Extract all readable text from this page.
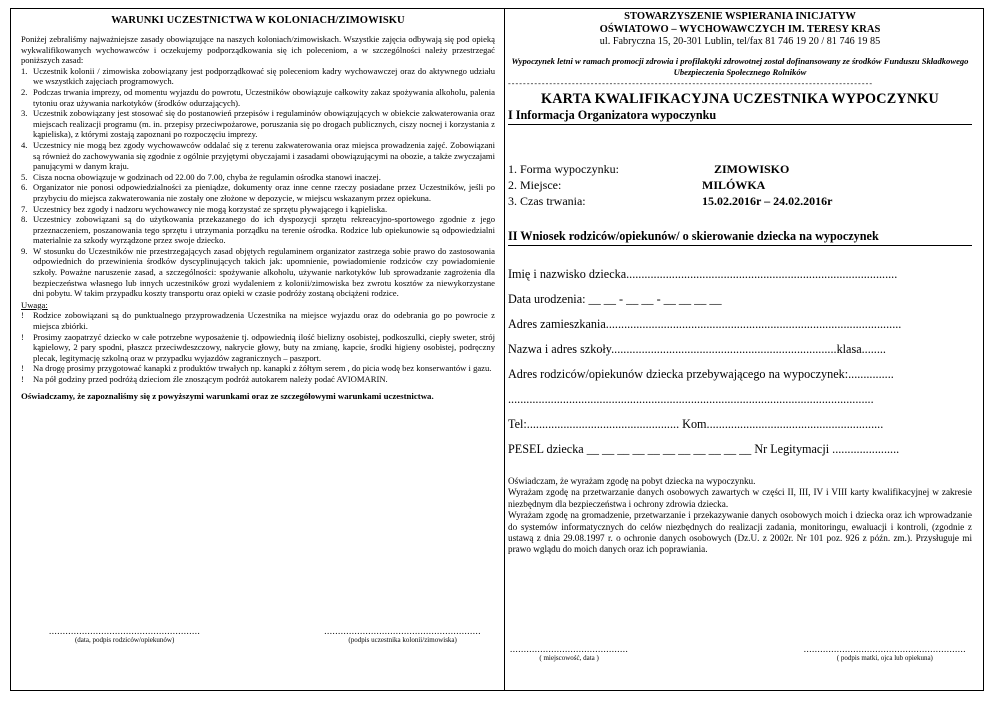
WARUNKI UCZESTNICTWA W KOLONIACH/ZIMOWISKU

Poniżej zebraliśmy najważniejsze zasady obowiązujące na naszych koloniach/zimowiskach. Wszystkie zajęcia odbywają się pod opieką wykwalifikowanych wychowawców i oczekujemy podporządkowania się ich poleceniom, a w szczególności należy przestrzegać poniższych zasad:

1. Uczestnik kolonii / zimowiska zobowiązany jest podporządkować się poleceniom kadry wychowawczej oraz do aktywnego udziału we wszystkich zajęciach programowych.
2. Podczas trwania imprezy, od momentu wyjazdu do powrotu, Uczestników obowiązuje całkowity zakaz spożywania alkoholu, palenia tytoniu oraz używania narkotyków (środków odurzających).
3. Uczestnik zobowiązany jest stosować się do postanowień przepisów i regulaminów obowiązujących w obiekcie zakwaterowania oraz miejscach realizacji programu (m. in. przepisy przeciwpożarowe, poruszania się po drogach publicznych, ciszy nocnej i korzystania z kąpieliska), z którymi zostają zapoznani po rozpoczęciu imprezy.
4. Uczestnicy nie mogą bez zgody wychowawców oddalać się z terenu zakwaterowania oraz miejsca prowadzenia zajęć. Zobowiązani są również do zachowywania się zgodnie z ogólnie przyjętymi obyczajami i zasadami obowiązującymi na obozie, a także zwyczajami panującymi w danym kraju.
5. Cisza nocna obowiązuje w godzinach od 22.00 do 7.00, chyba że regulamin ośrodka stanowi inaczej.
6. Organizator nie ponosi odpowiedzialności za pieniądze, dokumenty oraz inne cenne rzeczy posiadane przez Uczestników, jeśli po przybyciu do miejsca zakwaterowania nie zostały one złożone w depozycie, w miejscu wskazanym przez opiekuna.
7. Uczestnicy bez zgody i nadzoru wychowawcy nie mogą korzystać ze sprzętu pływającego i kąpieliska.
8. Uczestnicy zobowiązani są do użytkowania przekazanego do ich dyspozycji sprzętu rekreacyjno-sportowego zgodnie z jego przeznaczeniem, poszanowania tego sprzętu i utrzymania porządku na terenie ośrodka. Rodzice lub opiekunowie są odpowiedzialni materialnie za szkody wyrządzone przez swoje dziecko.
9. W stosunku do Uczestników nie przestrzegających zasad objętych regulaminem organizator zastrzega sobie prawo do zastosowania odpowiednich do przewinienia środków dyscyplinujących takich jak: upomnienie, powiadomienie rodziców czy powiadomienie szkoły. Poważne naruszenie zasad, a szczególności: spożywanie alkoholu, używanie narkotyków lub sprowadzanie zagrożenia dla bezpieczeństwa własnego lub innych uczestników grozi wydaleniem z kolonii/zimowiska bez zwrotu kosztów za niewykorzystane dni pobytu. W takim przypadku koszty transportu oraz opieki w czasie podróży zostaną obciążeni rodzice.
Uwaga:
! Rodzice zobowiązani są do punktualnego przyprowadzenia Uczestnika na miejsce wyjazdu oraz do odebrania go po powrocie z miejsca zbiórki.
! Prosimy zaopatrzyć dziecko w całe potrzebne wyposażenie tj. odpowiednią ilość bielizny osobistej, podkoszulki, ciepły sweter, strój kąpielowy, 2 pary spodni, płaszcz przeciwdeszczowy, nakrycie głowy, buty na zmianę, kapcie, środki higieny osobistej, podręczny plecak, legitymację szkolną oraz w przypadku wyjazdów zagranicznych – paszport.
! Na drogę prosimy przygotować kanapki z produktów trwałych np. kanapki z żółtym serem , do picia wodę bez konserwantów i gazu.
! Na pół godziny przed podróżą dzieciom źle znoszącym podróż autokarem należy podać AVIOMARIN.
Oświadczamy, że zapoznaliśmy się z powyższymi warunkami oraz ze szczegółowymi warunkami uczestnictwa.
.......................................................
(data, podpis rodziców/opiekunów)
.........................................................
(podpis uczestnika kolonii/zimowiska)
STOWARZYSZENIE WSPIERANIA INICJATYW
OŚWIATOWO – WYCHOWAWCZYCH IM. TERESY KRAS
ul. Fabryczna 15, 20-301 Lublin, tel/fax 81 746 19 20 / 81 746 19 85
Wypoczynek letni w ramach promocji zdrowia i profilaktyki zdrowotnej został dofinansowany ze środków Funduszu Składkowego Ubezpieczenia Społecznego Rolników
-------------------------------------------------------------------------------------------------
KARTA KWALIFIKACYJNA UCZESTNIKA WYPOCZYNKU
I Informacja Organizatora wypoczynku
1. Forma wypoczynku:	ZIMOWISKO
2. Miejsce:	MILÓWKA
3. Czas trwania:	15.02.2016r – 24.02.2016r
II Wniosek rodziców/opiekunów/ o skierowanie dziecka na wypoczynek
Imię i nazwisko dziecka.........................................................................................
Data urodzenia: __ __ - __ __ - __ __ __ __
Adres zamieszkania.................................................................................................
Nazwa i adres szkoły..........................................................................klasa........
Adres rodziców/opiekunów dziecka przebywającego na wypoczynek:...............
........................................................................................................................
Tel:.................................................. Kom..........................................................
PESEL dziecka __ __ __ __ __ __ __ __ __ __ __ Nr Legitymacji ......................
Oświadczam, że wyrażam zgodę na pobyt dziecka na wypoczynku.
Wyrażam zgodę na przetwarzanie danych osobowych zawartych w części II, III, IV i VIII karty kwalifikacyjnej w zakresie niezbędnym dla bezpieczeństwa i ochrony zdrowia dziecka.
Wyrażam zgodę na gromadzenie, przetwarzanie i przekazywanie danych osobowych moich i dziecka oraz ich wprowadzanie do systemów informatycznych do celów niezbędnych do realizacji zadania, monitoringu, ewaluacji i kontroli, (zgodnie z ustawą z dnia 29.08.1997 r. o ochronie danych osobowych (Dz.U. z 2002r. Nr 101 poz. 926 z późn. zm.). Przysługuje mi prawo wglądu do moich danych oraz ich poprawiania.
...........................................
( miejscowość, data )
...........................................................
( podpis matki, ojca lub opiekuna)
